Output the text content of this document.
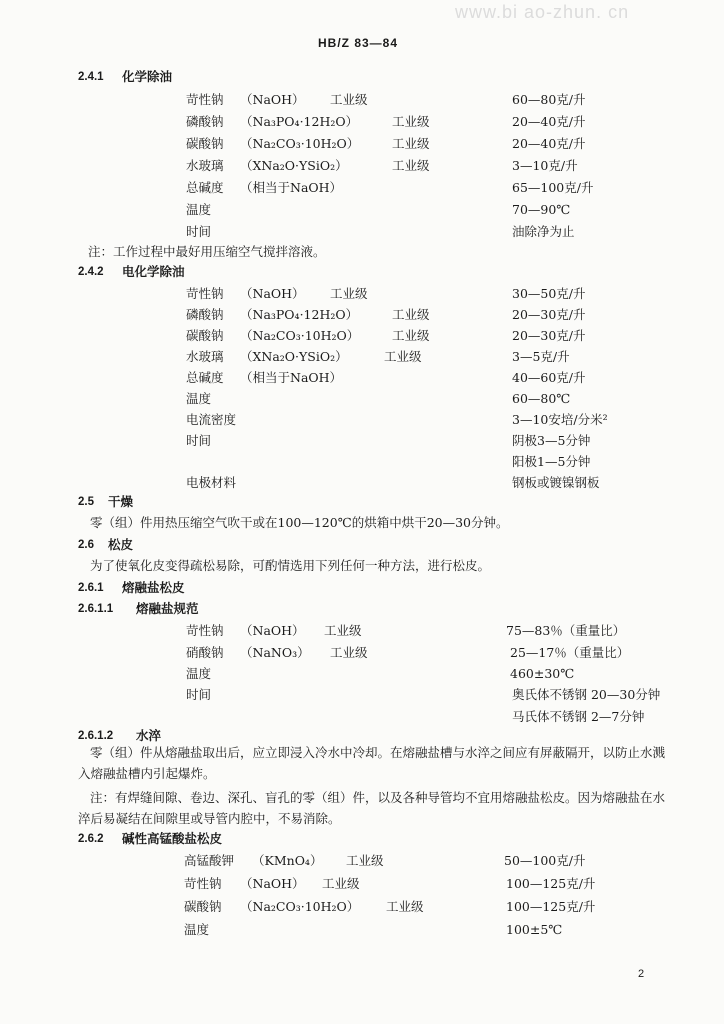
www.bi ao-zhun. cn
HB/Z 83—84
2.4.1 化学除油
苛性钠 （NaOH） 工业级	60—80克/升
磷酸钠 （Na₃PO₄·12H₂O）	工业级	20—40克/升
碳酸钠 （Na₂CO₃·10H₂O）	工业级	20—40克/升
水玻璃 （XNa₂O·YSiO₂）	工业级	3—10克/升
总碱度 （相当于NaOH）	65—100克/升
温度	70—90℃
时间	油除净为止
注：工作过程中最好用压缩空气搅拌溶液。
2.4.2 电化学除油
苛性钠 （NaOH） 工业级	30—50克/升
磷酸钠 （Na₃PO₄·12H₂O）	工业级	20—30克/升
碳酸钠 （Na₂CO₃·10H₂O）	工业级	20—30克/升
水玻璃 （XNa₂O·YSiO₂）	工业级	3—5克/升
总碱度 （相当于NaOH）	40—60克/升
温度	60—80℃
电流密度	3—10安培/分米²
时间	阴极3—5分钟
阳极1—5分钟
电极材料	钢板或镀镍钢板
2.5 干燥
零（组）件用热压缩空气吹干或在100—120℃的烘箱中烘干20—30分钟。
2.6 松皮
为了使氧化皮变得疏松易除，可酌情选用下列任何一种方法，进行松皮。
2.6.1 熔融盐松皮
2.6.1.1 熔融盐规范
苛性钠 （NaOH） 工业级	75—83％（重量比）
硝酸钠 （NaNO₃） 工业级	25—17％（重量比）
温度	460±30℃
时间	奥氏体不锈钢 20—30分钟
马氏体不锈钢 2—7分钟
2.6.1.2 水淬
零（组）件从熔融盐取出后，应立即浸入冷水中冷却。在熔融盐槽与水淬之间应有屏蔽隔开，以防止水溅入熔融盐槽内引起爆炸。
注：有焊缝间隙、卷边、深孔、盲孔的零（组）件，以及各种导管均不宜用熔融盐松皮。因为熔融盐在水淬后易凝结在间隙里或导管内腔中，不易消除。
2.6.2 碱性高锰酸盐松皮
高锰酸钾 （KMnO₄） 工业级	50—100克/升
苛性钠 （NaOH） 工业级	100—125克/升
碳酸钠 （Na₂CO₃·10H₂O） 工业级	100—125克/升
温度	100±5℃
2
